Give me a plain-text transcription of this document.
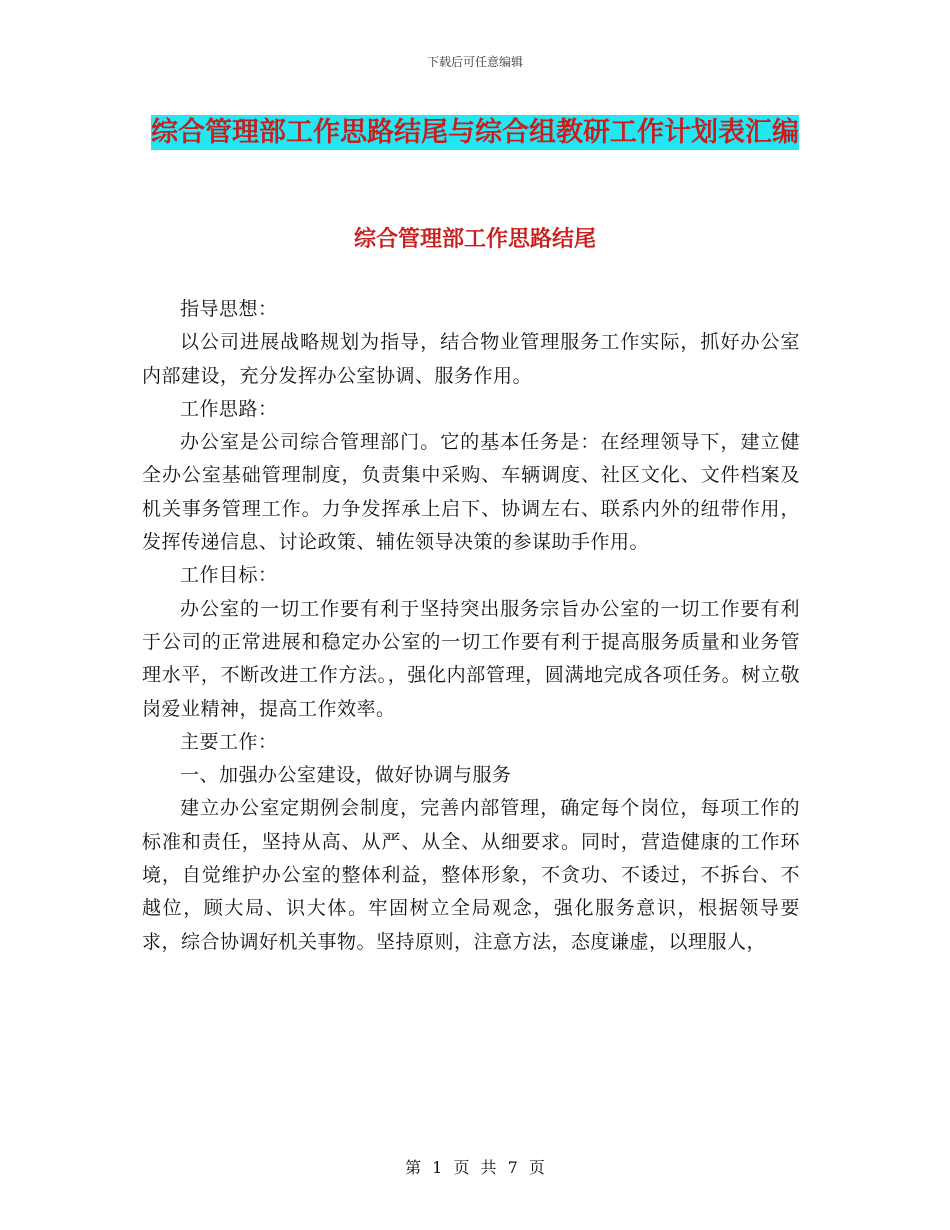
下载后可任意编辑
综合管理部工作思路结尾与综合组教研工作计划表汇编
综合管理部工作思路结尾

指导思想：

以公司进展战略规划为指导，结合物业管理服务工作实际，抓好办公室内部建设，充分发挥办公室协调、服务作用。

工作思路：

办公室是公司综合管理部门。它的基本任务是：在经理领导下，建立健全办公室基础管理制度，负责集中采购、车辆调度、社区文化、文件档案及机关事务管理工作。力争发挥承上启下、协调左右、联系内外的纽带作用，发挥传递信息、讨论政策、辅佐领导决策的参谋助手作用。

工作目标：

办公室的一切工作要有利于坚持突出服务宗旨办公室的一切工作要有利于公司的正常进展和稳定办公室的一切工作要有利于提高服务质量和业务管理水平，不断改进工作方法。，强化内部管理，圆满地完成各项任务。树立敬岗爱业精神，提高工作效率。

主要工作：

一、加强办公室建设，做好协调与服务

建立办公室定期例会制度，完善内部管理，确定每个岗位，每项工作的标准和责任，坚持从高、从严、从全、从细要求。同时，营造健康的工作环境，自觉维护办公室的整体利益，整体形象，不贪功、不诿过，不拆台、不越位，顾大局、识大体。牢固树立全局观念，强化服务意识，根据领导要求，综合协调好机关事物。坚持原则，注意方法，态度谦虚，以理服人，

第 1 页 共 7 页
